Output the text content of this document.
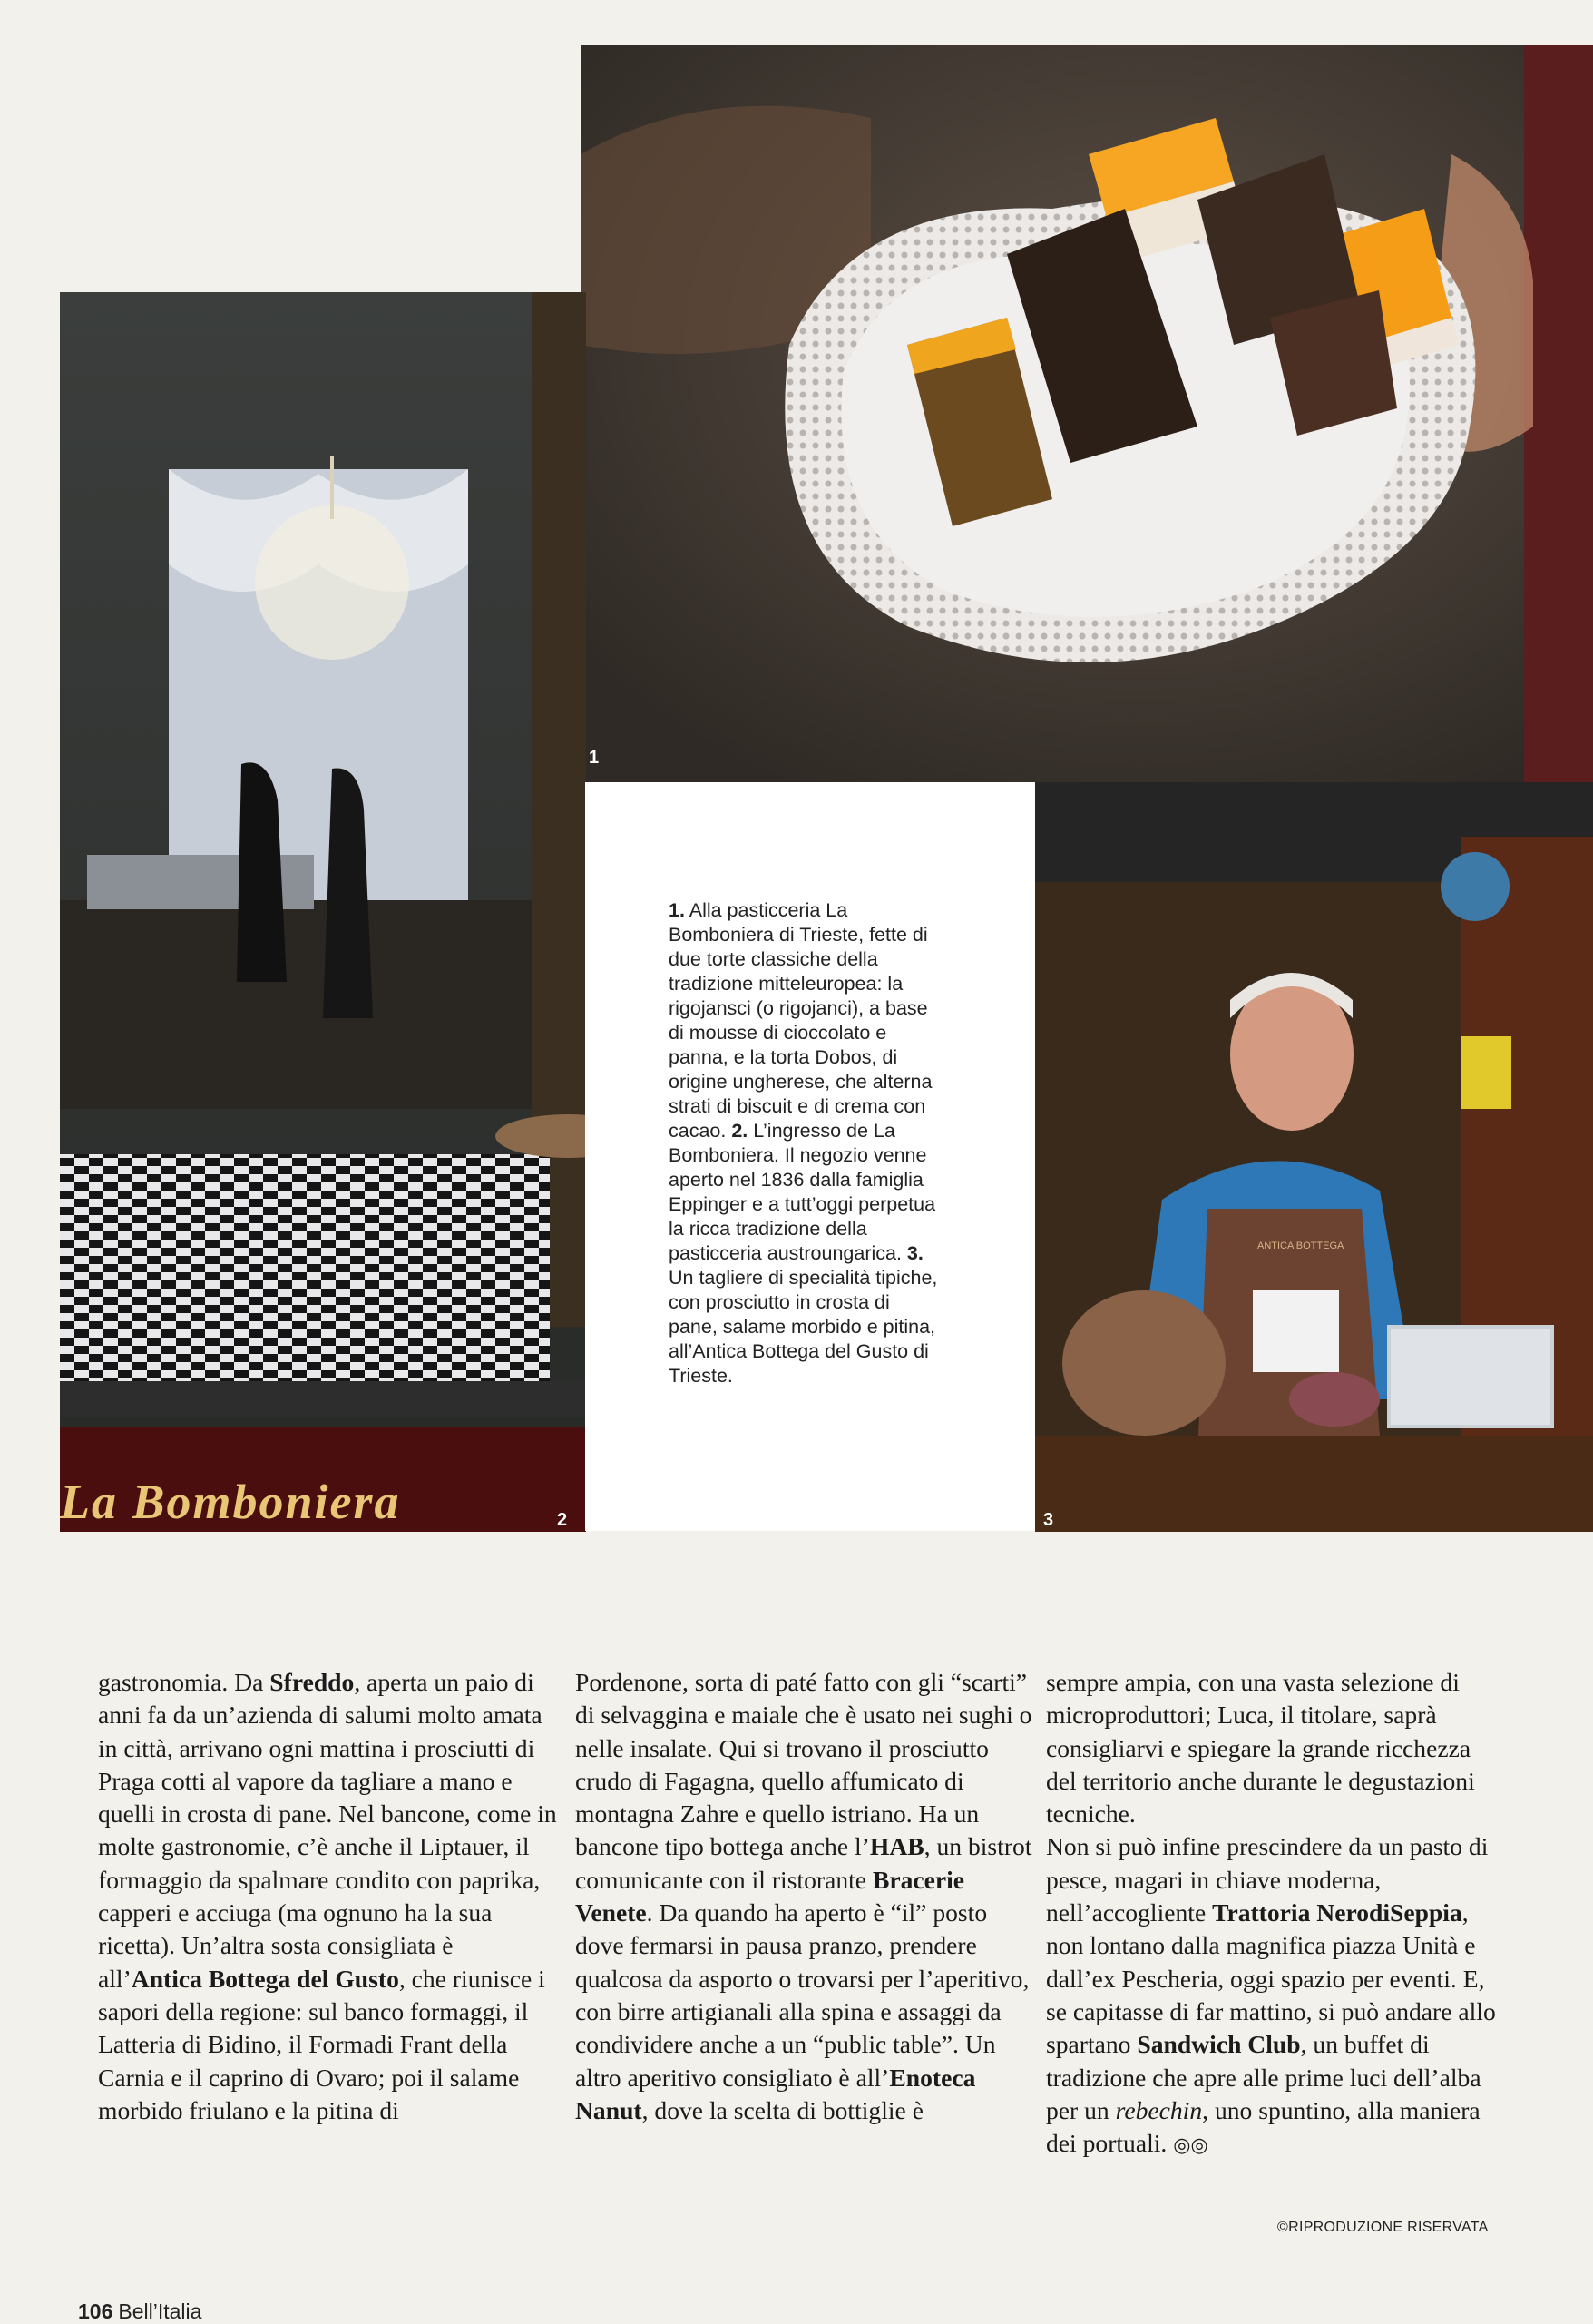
1
La Bomboniera	2
ANTICA BOTTEGA
3
1. Alla pasticceria La Bomboniera di Trieste, fette di due torte classiche della tradizione mitteleuropea: la rigojansci (o rigojanci), a base di mousse di cioccolato e panna, e la torta Dobos, di origine ungherese, che alterna strati di biscuit e di crema con cacao. 2. L’ingresso de La Bomboniera. Il negozio venne aperto nel 1836 dalla famiglia Eppinger e a tutt’oggi perpetua la ricca tradizione della pasticceria austroungarica. 3. Un tagliere di specialità tipiche, con prosciutto in crosta di pane, salame morbido e pitina, all’Antica Bottega del Gusto di Trieste.

gastronomia. Da Sfreddo, aperta un paio di anni fa da un’azienda di salumi molto amata in città, arrivano ogni mattina i prosciutti di Praga cotti al vapore da tagliare a mano e quelli in crosta di pane. Nel bancone, come in molte gastronomie, c’è anche il Liptauer, il formaggio da spalmare condito con paprika, capperi e acciuga (ma ognuno ha la sua ricetta). Un’altra sosta consigliata è all’Antica Bottega del Gusto, che riunisce i sapori della regione: sul banco formaggi, il Latteria di Bidino, il Formadi Frant della Carnia e il caprino di Ovaro; poi il salame morbido friulano e la pitina di

Pordenone, sorta di paté fatto con gli “scarti” di selvaggina e maiale che è usato nei sughi o nelle insalate. Qui si trovano il prosciutto crudo di Fagagna, quello affumicato di montagna Zahre e quello istriano. Ha un bancone tipo bottega anche l’HAB, un bistrot comunicante con il ristorante Bracerie Venete. Da quando ha aperto è “il” posto dove fermarsi in pausa pranzo, prendere qualcosa da asporto o trovarsi per l’aperitivo, con birre artigianali alla spina e assaggi da condividere anche a un “public table”. Un altro aperitivo consigliato è all’Enoteca Nanut, dove la scelta di bottiglie è

sempre ampia, con una vasta selezione di microproduttori; Luca, il titolare, saprà consigliarvi e spiegare la grande ricchezza del territorio anche durante le degustazioni tecniche.

Non si può infine prescindere da un pasto di pesce, magari in chiave moderna, nell’accogliente Trattoria NerodiSeppia, non lontano dalla magnifica piazza Unità e dall’ex Pescheria, oggi spazio per eventi. E, se capitasse di far mattino, si può andare allo spartano Sandwich Club, un buffet di tradizione che apre alle prime luci dell’alba per un rebechin, uno spuntino, alla maniera dei portuali. ◎◎

©RIPRODUZIONE RISERVATA
106 Bell’Italia
